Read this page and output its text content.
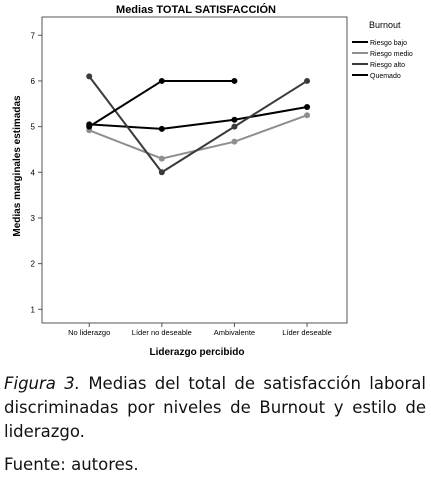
Medias TOTAL SATISFACCIÓN
1
2
3
4
5
6
7
No liderazgo	Líder no deseable	Ambivalente	Líder deseable
Liderazgo percibido
Medias marginales estimadas
Burnout
Riesgo bajo
Riesgo medio
Riesgo alto
Quemado
Figura 3. Medias del total de satisfacción laboral discriminadas por niveles de Burnout y estilo de liderazgo.
Fuente: autores.
